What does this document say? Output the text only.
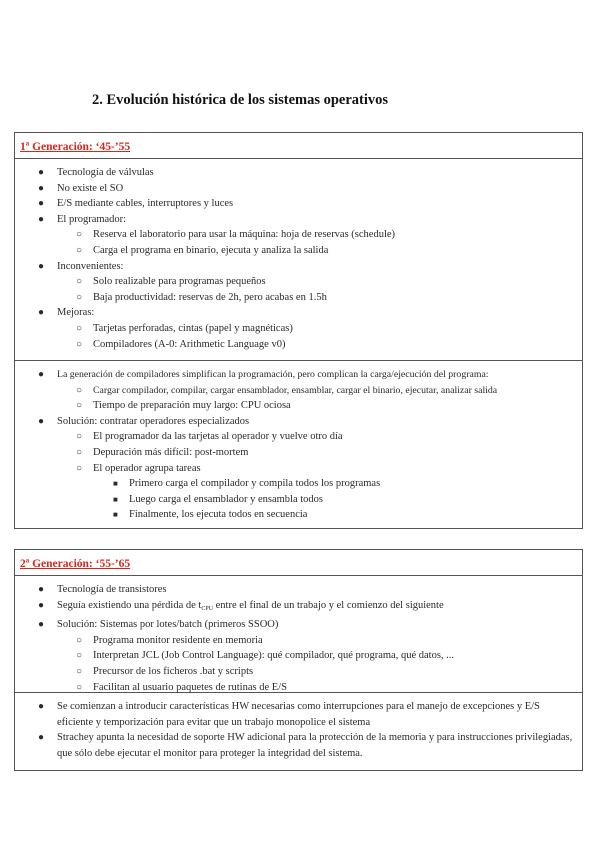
2. Evolución histórica de los sistemas operativos
1ª Generación: ‘45-’55
● Tecnología de válvulas
● No existe el SO
● E/S mediante cables, interruptores y luces
● El programador:
○ Reserva el laboratorio para usar la máquina: hoja de reservas (schedule)
○ Carga el programa en binario, ejecuta y analiza la salida
● Inconvenientes:
○ Solo realizable para programas pequeños
○ Baja productividad: reservas de 2h, pero acabas en 1.5h
● Mejoras:
○ Tarjetas perforadas, cintas (papel y magnéticas)
○ Compiladores (A-0: Arithmetic Language v0)
● La generación de compiladores simplifican la programación, pero complican la carga/ejecución del programa:
○ Cargar compilador, compilar, cargar ensamblador, ensamblar, cargar el binario, ejecutar, analizar salida
○ Tiempo de preparación muy largo: CPU ociosa
● Solución: contratar operadores especializados
○ El programador da las tarjetas al operador y vuelve otro día
○ Depuración más difícil: post-mortem
○ El operador agrupa tareas
■ Primero carga el compilador y compila todos los programas
■ Luego carga el ensamblador y ensambla todos
■ Finalmente, los ejecuta todos en secuencia
2ª Generación: ‘55-’65
● Tecnología de transistores
● Seguía existiendo una pérdida de $t_{CPU}$ entre el final de un trabajo y el comienzo del siguiente
● Solución: Sistemas por lotes/batch (primeros SSOO)
○ Programa monitor residente en memoria
○ Interpretan JCL (Job Control Language): qué compilador, qué programa, qué datos, ...
○ Precursor de los ficheros .bat y scripts
○ Facilitan al usuario paquetes de rutinas de E/S
● Se comienzan a introducir características HW necesarias como interrupciones para el manejo de excepciones y E/S eficiente y temporización para evitar que un trabajo monopolice el sistema
● Strachey apunta la necesidad de soporte HW adicional para la protección de la memoria y para instrucciones privilegiadas, que sólo debe ejecutar el monitor para proteger la integridad del sistema.
